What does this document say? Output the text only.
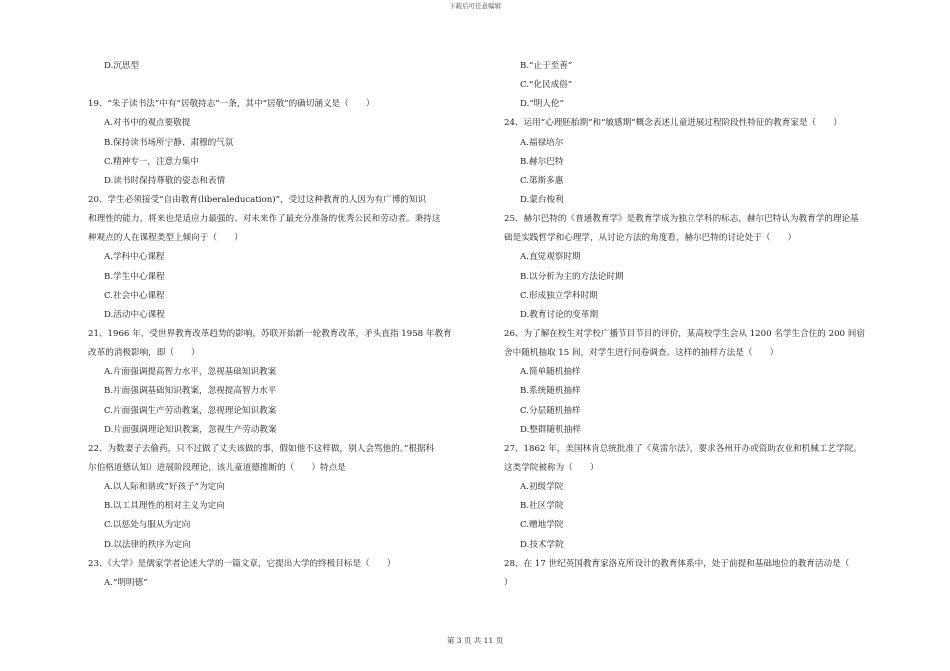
下载后可任意编辑
D.沉思型
19、“朱子读书法”中有“居敬持志”一条，其中“居敬”的确切涵义是（　　）
A.对书中的观点要敬提
B.保持读书场所宁静、肃穆的气氛
C.精神专一，注意力集中
D.读书时保持尊敬的姿态和表情
20、学生必须接受“自由教育(liberaleducation)”，受过这种教育的人因为有广博的知识
和理性的能力，将来也是适应力最强的、对未来作了最充分准备的优秀公民和劳动者。秉持这
种观点的人在课程类型上倾向于（　　）
A.学科中心课程
B.学生中心课程
C.社会中心课程
D.活动中心课程
21、1966 年，受世界教育改革趋势的影响，苏联开始新一轮教育改革，矛头直指 1958 年教育
改革的消极影响，即（　　）
A.片面强调提高智力水平，忽视基础知识教案
B.片面强调基础知识教案，忽视提高智力水平
C.片面强调生产劳动教案，忽视理论知识教案
D.片面强调理论知识教案，忽视生产劳动教案
22、为数妻子去偷药，只不过做了丈夫该做的事，假如他不这样做，别人会骂他的。”根据科
尔伯格道德认知）进展阶段理论，该儿童道德推断的（　　）特点是
A.以人际和谐或“好孩子”为定向
B.以工具理性的相对主义为定向
C.以惩处与服从为定向
D.以法律的秩序为定向
23、《大学》是儒家学者论述大学的一篇文章，它提出大学的终极目标是（　　）
A.“明明德”
B.“止于至善”
C.“化民成俗”
D.“明人伦”
24、运用“心理胚胎期”和“敏感期”概念表述儿童进展过程阶段性特征的教育家是（　　）
A.福禄培尔
B.赫尔巴特
C.第斯多惠
D.蒙台梭利
25、赫尔巴特的《普通教育学》是教育学成为独立学科的标志，赫尔巴特认为教育学的理论基
础是实践哲学和心理学，从讨论方法的角度看，赫尔巴特的讨论处于（　　）
A.直觉观察时期
B.以分析为主的方法论时期
C.形成独立学科时期
D.教育讨论的变革期
26、为了解在校生对学校广播节目节目的评价，某高校学生会从 1200 名学生合住的 200 间宿
舍中随机抽取 15 间，对学生进行问卷调查。这样的抽样方法是（　　）
A.简单随机抽样
B.系统随机抽样
C.分层随机抽样
D.整群随机抽样
27、1862 年，美国林肯总统批准了《莫雷尔法》，要求各州开办或资助农业和机械工艺学院。
这类学院被称为（　　）
A.初级学院
B.社区学院
C.赠地学院
D.技术学院
28、在 17 世纪英国教育家洛克所设计的教育体系中，处于前提和基础地位的教育活动是（
）
第 3 页 共 11 页
